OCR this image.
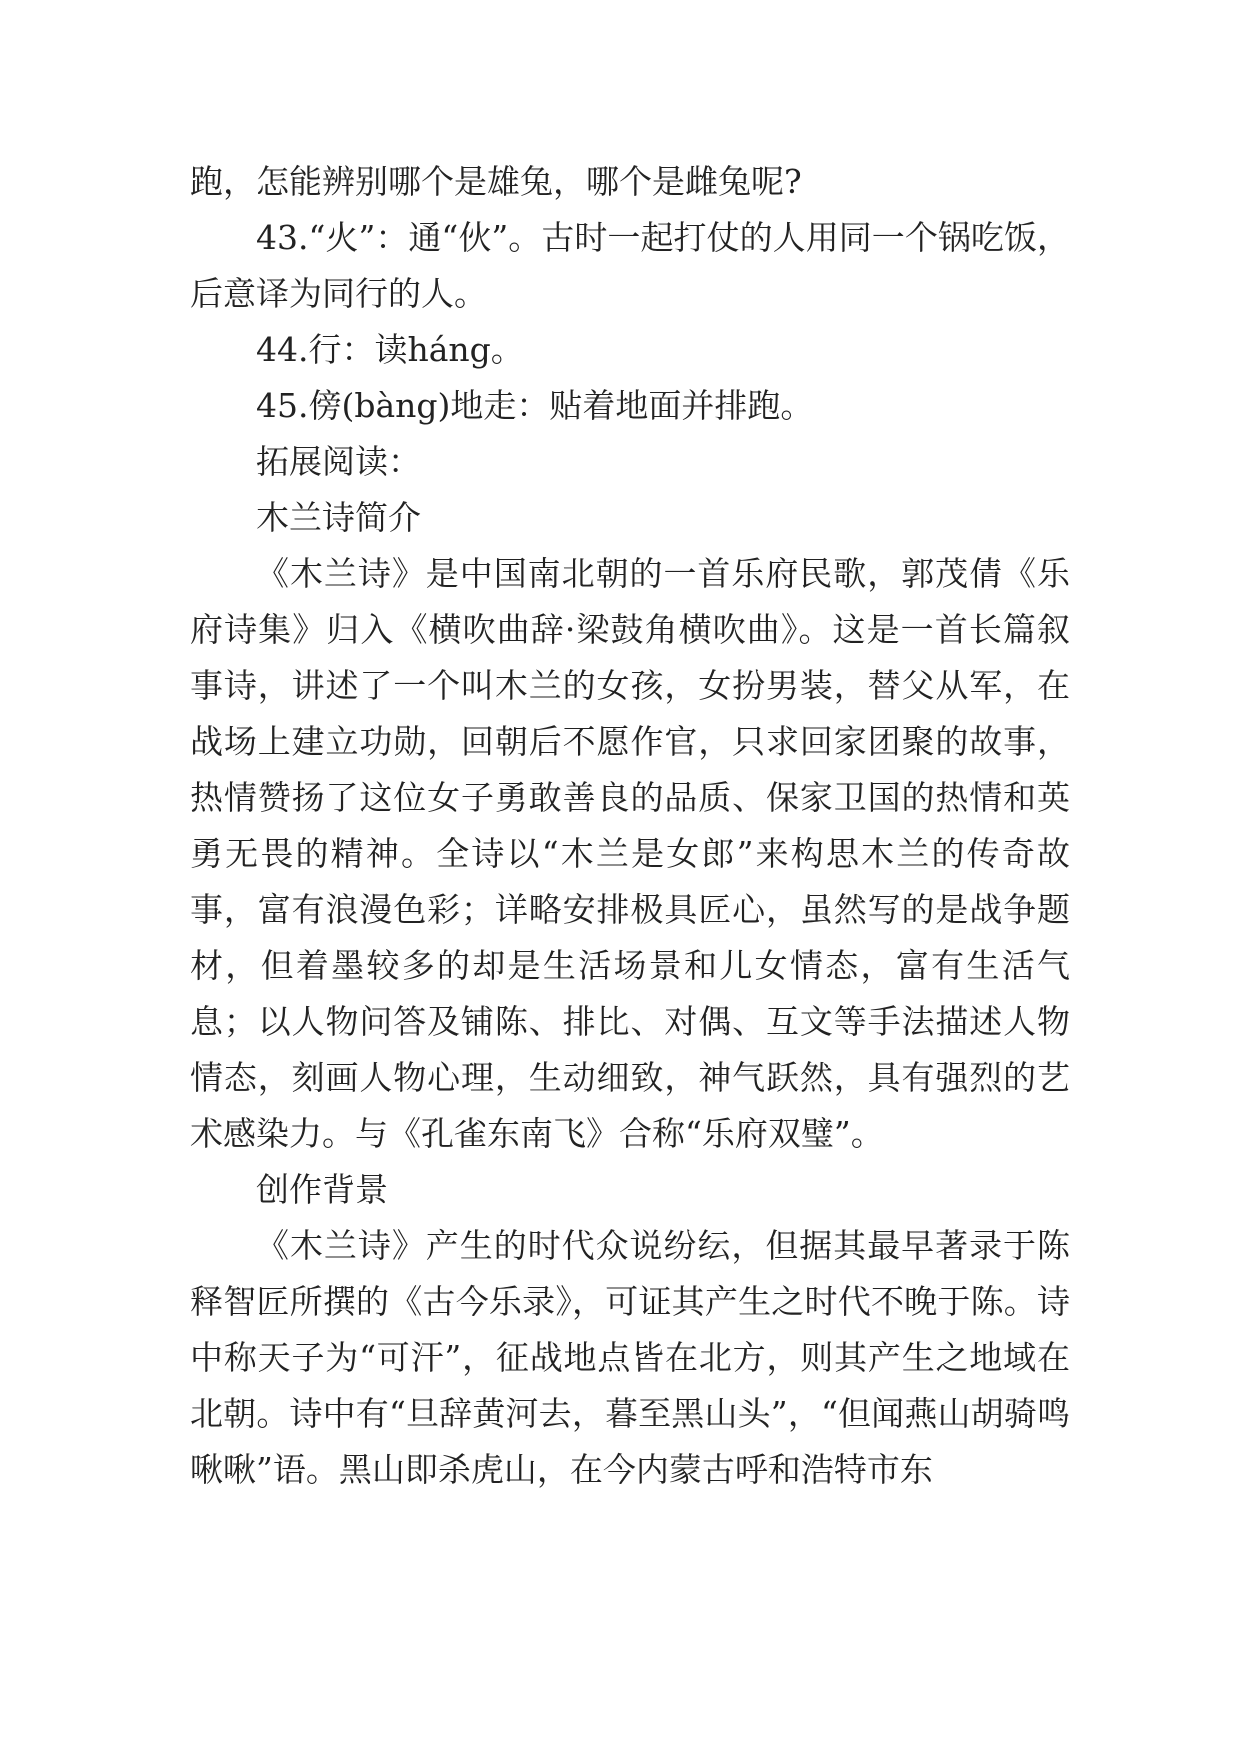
跑，怎能辨别哪个是雄兔，哪个是雌兔呢?

43.“火”：通“伙”。古时一起打仗的人用同一个锅吃饭，后意译为同行的人。

44.行：读háng。

45.傍(bàng)地走：贴着地面并排跑。

拓展阅读：

木兰诗简介

《木兰诗》是中国南北朝的一首乐府民歌，郭茂倩《乐府诗集》归入《横吹曲辞·梁鼓角横吹曲》。这是一首长篇叙事诗，讲述了一个叫木兰的女孩，女扮男装，替父从军，在战场上建立功勋，回朝后不愿作官，只求回家团聚的故事，热情赞扬了这位女子勇敢善良的品质、保家卫国的热情和英勇无畏的精神。全诗以“木兰是女郎”来构思木兰的传奇故事，富有浪漫色彩；详略安排极具匠心，虽然写的是战争题材，但着墨较多的却是生活场景和儿女情态，富有生活气息；以人物问答及铺陈、排比、对偶、互文等手法描述人物情态，刻画人物心理，生动细致，神气跃然，具有强烈的艺术感染力。与《孔雀东南飞》合称“乐府双璧”。

创作背景

《木兰诗》产生的时代众说纷纭，但据其最早著录于陈释智匠所撰的《古今乐录》，可证其产生之时代不晚于陈。诗中称天子为“可汗”，征战地点皆在北方，则其产生之地域在北朝。诗中有“旦辞黄河去，暮至黑山头”，“但闻燕山胡骑鸣啾啾”语。黑山即杀虎山，在今内蒙古呼和浩特市东
